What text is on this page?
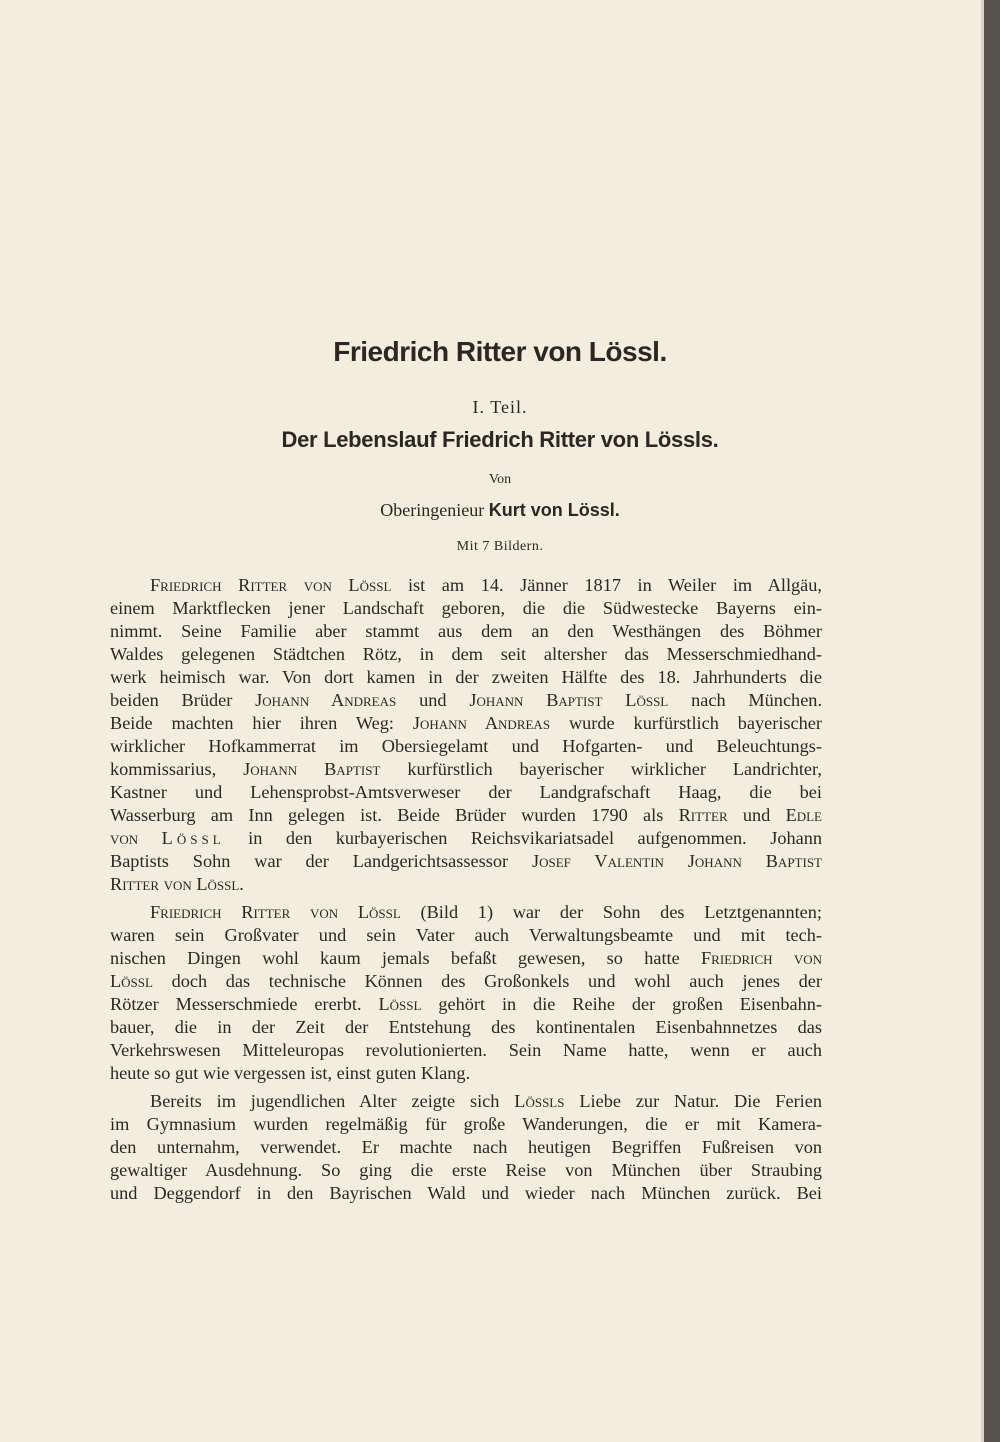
Friedrich Ritter von Lössl.
I. Teil.
Der Lebenslauf Friedrich Ritter von Lössls.
Von
Oberingenieur Kurt von Lössl.
Mit 7 Bildern.
Friedrich Ritter von Lössl ist am 14. Jänner 1817 in Weiler im Allgäu,
einem Marktflecken jener Landschaft geboren, die die Südwestecke Bayerns ein-
nimmt. Seine Familie aber stammt aus dem an den Westhängen des Böhmer
Waldes gelegenen Städtchen Rötz, in dem seit altersher das Messerschmiedhand-
werk heimisch war. Von dort kamen in der zweiten Hälfte des 18. Jahrhunderts die
beiden Brüder Johann Andreas und Johann Baptist Lössl nach München.
Beide machten hier ihren Weg: Johann Andreas wurde kurfürstlich bayerischer
wirklicher Hofkammerrat im Obersiegelamt und Hofgarten- und Beleuchtungs-
kommissarius, Johann Baptist kurfürstlich bayerischer wirklicher Landrichter,
Kastner und Lehensprobst-Amtsverweser der Landgrafschaft Haag, die bei
Wasserburg am Inn gelegen ist. Beide Brüder wurden 1790 als Ritter und Edle
von Lössl in den kurbayerischen Reichsvikariatsadel aufgenommen. Johann
Baptists Sohn war der Landgerichtsassessor Josef Valentin Johann Baptist
Ritter von Lössl.
Friedrich Ritter von Lössl (Bild 1) war der Sohn des Letztgenannten;
waren sein Großvater und sein Vater auch Verwaltungsbeamte und mit tech-
nischen Dingen wohl kaum jemals befaßt gewesen, so hatte Friedrich von
Lössl doch das technische Können des Großonkels und wohl auch jenes der
Rötzer Messerschmiede ererbt. Lössl gehört in die Reihe der großen Eisenbahn-
bauer, die in der Zeit der Entstehung des kontinentalen Eisenbahnnetzes das
Verkehrswesen Mitteleuropas revolutionierten. Sein Name hatte, wenn er auch
heute so gut wie vergessen ist, einst guten Klang.
Bereits im jugendlichen Alter zeigte sich Lössls Liebe zur Natur. Die Ferien
im Gymnasium wurden regelmäßig für große Wanderungen, die er mit Kamera-
den unternahm, verwendet. Er machte nach heutigen Begriffen Fußreisen von
gewaltiger Ausdehnung. So ging die erste Reise von München über Straubing
und Deggendorf in den Bayrischen Wald und wieder nach München zurück. Bei
